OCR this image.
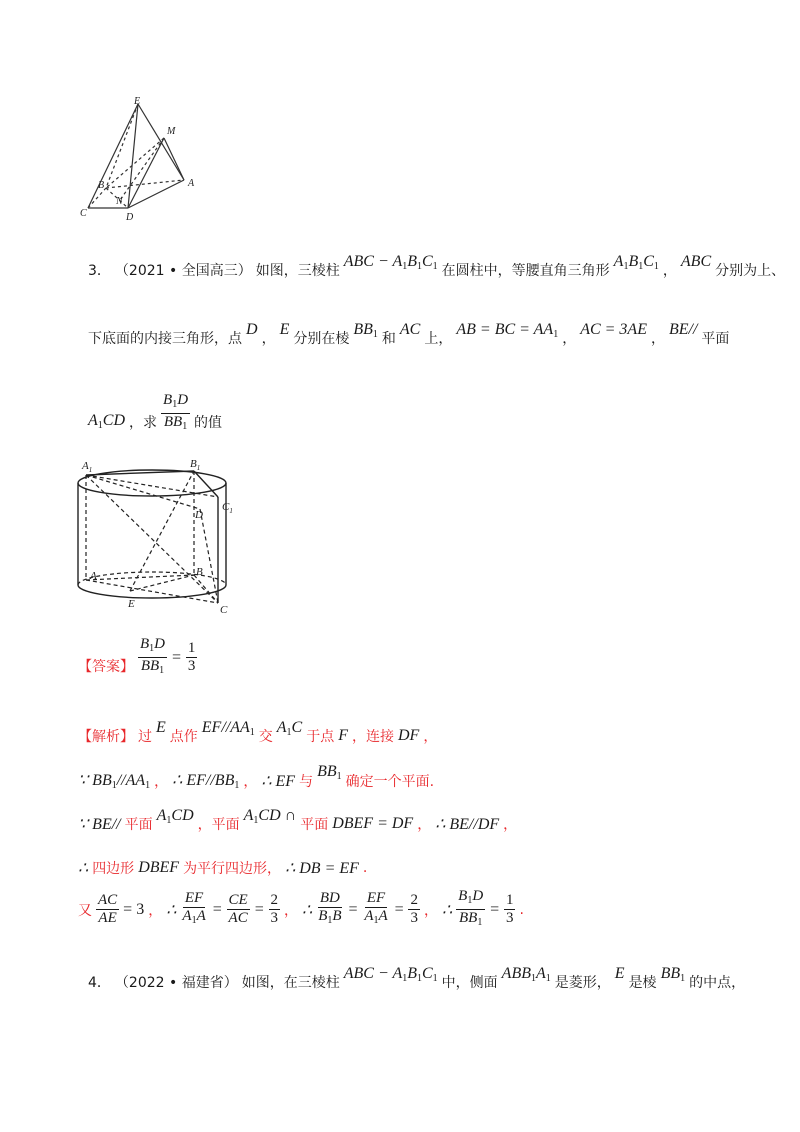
E
M
B	A
C
N
D
3． （2021 • 全国高三） 如图，三棱柱
ABC − $A_1B_1C_1$ 在圆柱中，等腰直角三角形
$A_1B_1C_1$ ，
ABC
分别为上、
下底面的内接三角形，点
D
，
E
分别在棱
$BB_1$ 和
AC
上，
AB = BC = $AA_1$ ，
AC = 3AE
，
BE//
平面
$A_1CD$ ，求 $\frac{B_1D}{BB_1}$ 的值
$A_1$	$B_1$
D
$C_1$
A	B
E	C
【答案】 $\frac{B_1D}{BB_1} = \frac{1}{3}$
【解析】 过
E
点作
$EF//AA_1$ 交
$A_1C$
于点 F ，连接 DF ，
∵ $BB_1//AA_1$ ， ∴ $EF//BB_1$ ， ∴ EF 与
$BB_1$ 确定一个平面.
∵ BE// 平面
$A_1CD$
，平面
$A_1CD$ ∩
平面 DBEF = DF ， ∴ BE//DF ，
∴ 四边形 DBEF 为平行四边形， ∴ DB = EF .
又 $\frac{AC}{AE} = 3$ ， ∴ $\frac{EF}{A_1A} = \frac{CE}{AC} = \frac{2}{3}$ ， ∴ $\frac{BD}{B_1B} = \frac{EF}{A_1A} = \frac{2}{3}$ ， ∴ $\frac{B_1D}{BB_1} = \frac{1}{3}$ .
4． （2022 • 福建省） 如图，在三棱柱
ABC − $A_1B_1C_1$ 中，侧面
$ABB_1A_1$ 是菱形，
E
是棱
$BB_1$ 的中点，
